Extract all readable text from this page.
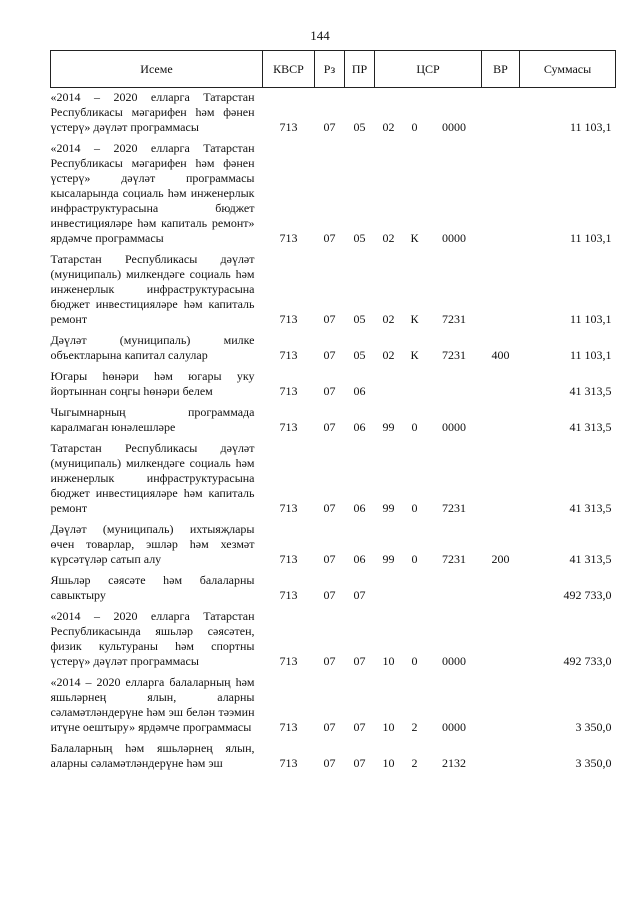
144
Исеме	КВСР	Рз	ПР	ЦСР			ВР	Суммасы
«2014 – 2020 елларга Татарстан Республикасы мәгарифен һәм фәнен үстерү» дәүләт программасы	713	07	05	02	0	0000		11 103,1
«2014 – 2020 елларга Татарстан Республикасы мәгарифен һәм фәнен үстерү» дәүләт программасы кысаларында социаль һәм инженерлык инфраструктурасына бюджет инвестицияләре һәм капиталь ремонт» ярдәмче программасы	713	07	05	02	К	0000		11 103,1
Татарстан Республикасы дәүләт (муниципаль) милкендәге социаль һәм инженерлык инфраструктурасына бюджет инвестицияләре һәм капиталь ремонт	713	07	05	02	К	7231		11 103,1
Дәүләт (муниципаль) милке объектларына капитал салулар	713	07	05	02	К	7231	400	11 103,1
Югары һөнәри һәм югары уку йортыннан соңгы һөнәри белем	713	07	06					41 313,5
Чыгымнарның программада каралмаган юнәлешләре	713	07	06	99	0	0000		41 313,5
Татарстан Республикасы дәүләт (муниципаль) милкендәге социаль һәм инженерлык инфраструктурасына бюджет инвестицияләре һәм капиталь ремонт	713	07	06	99	0	7231		41 313,5
Дәүләт (муниципаль) ихтыяҗлары өчен товарлар, эшләр һәм хезмәт күрсәтүләр сатып алу	713	07	06	99	0	7231	200	41 313,5
Яшьләр сәясәте һәм балаларны савыктыру	713	07	07					492 733,0
«2014 – 2020 елларга Татарстан Республикасында яшьләр сәясәтен, физик культураны һәм спортны үстерү» дәүләт программасы	713	07	07	10	0	0000		492 733,0
«2014 – 2020 елларга балаларның һәм яшьләрнең ялын, аларны сәламәтләндерүне һәм эш белән тәэмин итүне оештыру» ярдәмче программасы	713	07	07	10	2	0000		3 350,0
Балаларның һәм яшьләрнең ялын, аларны сәламәтләндерүне һәм эш	713	07	07	10	2	2132		3 350,0
